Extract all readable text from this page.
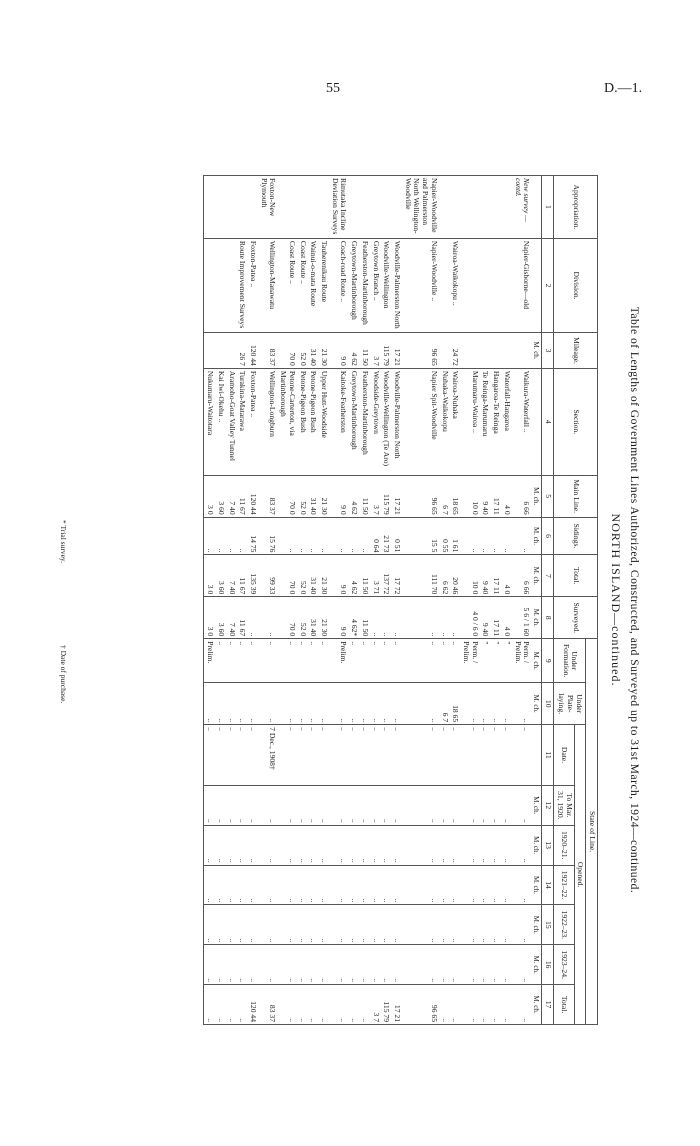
55	D.—1.
Table of Lengths of Government Lines Authorized, Constructed, and Surveyed up to 31st March, 1924—continued.
NORTH ISLAND—continued.
Appropriation.	Division.	Mileage.	Section.	Main Line.	Sidings.	Total.	Surveyed.	State of Line.								
								Under Formation.	Under Plate-laying.	Opened.						
										Date.	To Mar. 31, 1920.	1920–21.	1921–22.	1922–23.	1923–24.	Total.
1	2	3	4	5	6	7	8	9	10	11	12	13	14	15	16	17
		M. ch.		M. ch.	M. ch.	M. ch.	M. ch.	M. ch.	M. ch.		M. ch.	M. ch.	M. ch.	M. ch.	M. ch.	M. ch.
New survey —contd.	Napier-Gisborne—old		Waikura-Waterfall ..	6 66	..	6 66	5 6 / 1 60	Perm. / Prelim.	..	..	..	..	..	..	..	..
			Waterfall-Hangaroa	4 0	..	4 0	4 0	"	..	..	..	..	..	..	..	..
			Hangaroa-Te Reinga	17 11	..	17 11	17 11	"	..	..	..	..	..	..	..	..
			Te Reinga-Marumaru	9 40	..	9 40	9 40	"	..	..	..	..	..	..	..	..
			Marumaru-Wairoa ..	10 0	..	10 0	4 0 / 6 0	Perm. / Prelim.	..	..	..	..	..	..	..	..
	Wairoa-Waikokopu ..	24 72	Wairoa-Nuhaka	18 65	1 61	20 46	..	..	18 65	..	..	..	..	..	..	..
			Nuhaka-Waikokopu	6 7	0 55	6 62	..	..	6 7	..	..	..	..	..	..	..
Napier-Woodville and Palmerston North Wellington-Woodville	Napier-Woodville ..	96 65	Napier Spit-Woodville	96 65	15 5	111 70	..	..	..	..	..	..	..	..	..	96 65
	Woodville-Palmerston North	17 21	Woodville-Palmerston North	17 21	0 51	17 72	..	..	..	..	..	..	..	..	..	17 21
	Woodville-Wellington	115 79	Woodville-Wellington (Te Aro)	115 79	21 73	137 72	..	..	..	..	..	..	..	..	..	115 79
	Greytown Branch ..	3 7	Woodside-Greytown	3 7	0 64	3 71	..	..	..	..	..	..	..	..	..	3 7
	Featherston-Martinborough	11 50	Featherston-Martinborough	11 50	..	11 50	11 50	..	..	..	..	..	..	..	..	..
	Greytown-Martinborough	4 62	Greytown-Martinborough	4 62	..	4 62	4 62*	..	..	..	..	..	..	..	..	..
Rimutaka Incline Deviation Surveys	Coach-road Route ..	9 0	Kaitoke-Featherston	9 0	..	9 0	9 0	Prelim.	..	..	..	..	..	..	..	..
	Tauherenikau Route	21 30	Upper Hutt-Woodside	21 30	..	21 30	21 30	..	..	..	..	..	..	..	..	..
	Wainui-o-mata Route	31 40	Petone-Pigeon Bush	31 40	..	31 40	31 40	..	..	..	..	..	..	..	..	..
	Coast Route ..	52 0	Petone-Pigeon Bush	52 0	..	52 0	52 0	..	..	..	..	..	..	..	..	..
	Coast Route ..	70 0	Petone-Carterton, via Martinborough	70 0	..	70 0	70 0	..	..	..	..	..	..	..	..	..
Foxton-New Plymouth	Wellington-Manawatu	83 37	Wellington-Longburn	83 37	15 76	99 33	..	..	..	7 Dec., 1908†	..	..	..	..	..	83 37
	Foxton-Patea ..	120 44	Foxton-Patea ..	120 44	14 75	135 39	..	..	..	..	..	..	..	..	..	120 44
	Route Improvement Surveys	26 7	Turakina-Matarawa	11 67	..	11 67	11 67	..	..	..	..	..	..	..	..	..
			Aramoho-Goat Valley Tunnel	7 40	..	7 40	7 40	..	..	..	..	..	..	..	..	..
			Kai Iwi-Okehu ..	3 60	..	3 60	3 60	..	..	..	..	..	..	..	..	..
			Nukumaru-Waitotara	3 0	..	3 0	3 0	Prelim.	..	..	..	..	..	..	..	..
* Trial survey.
† Date of purchase.
